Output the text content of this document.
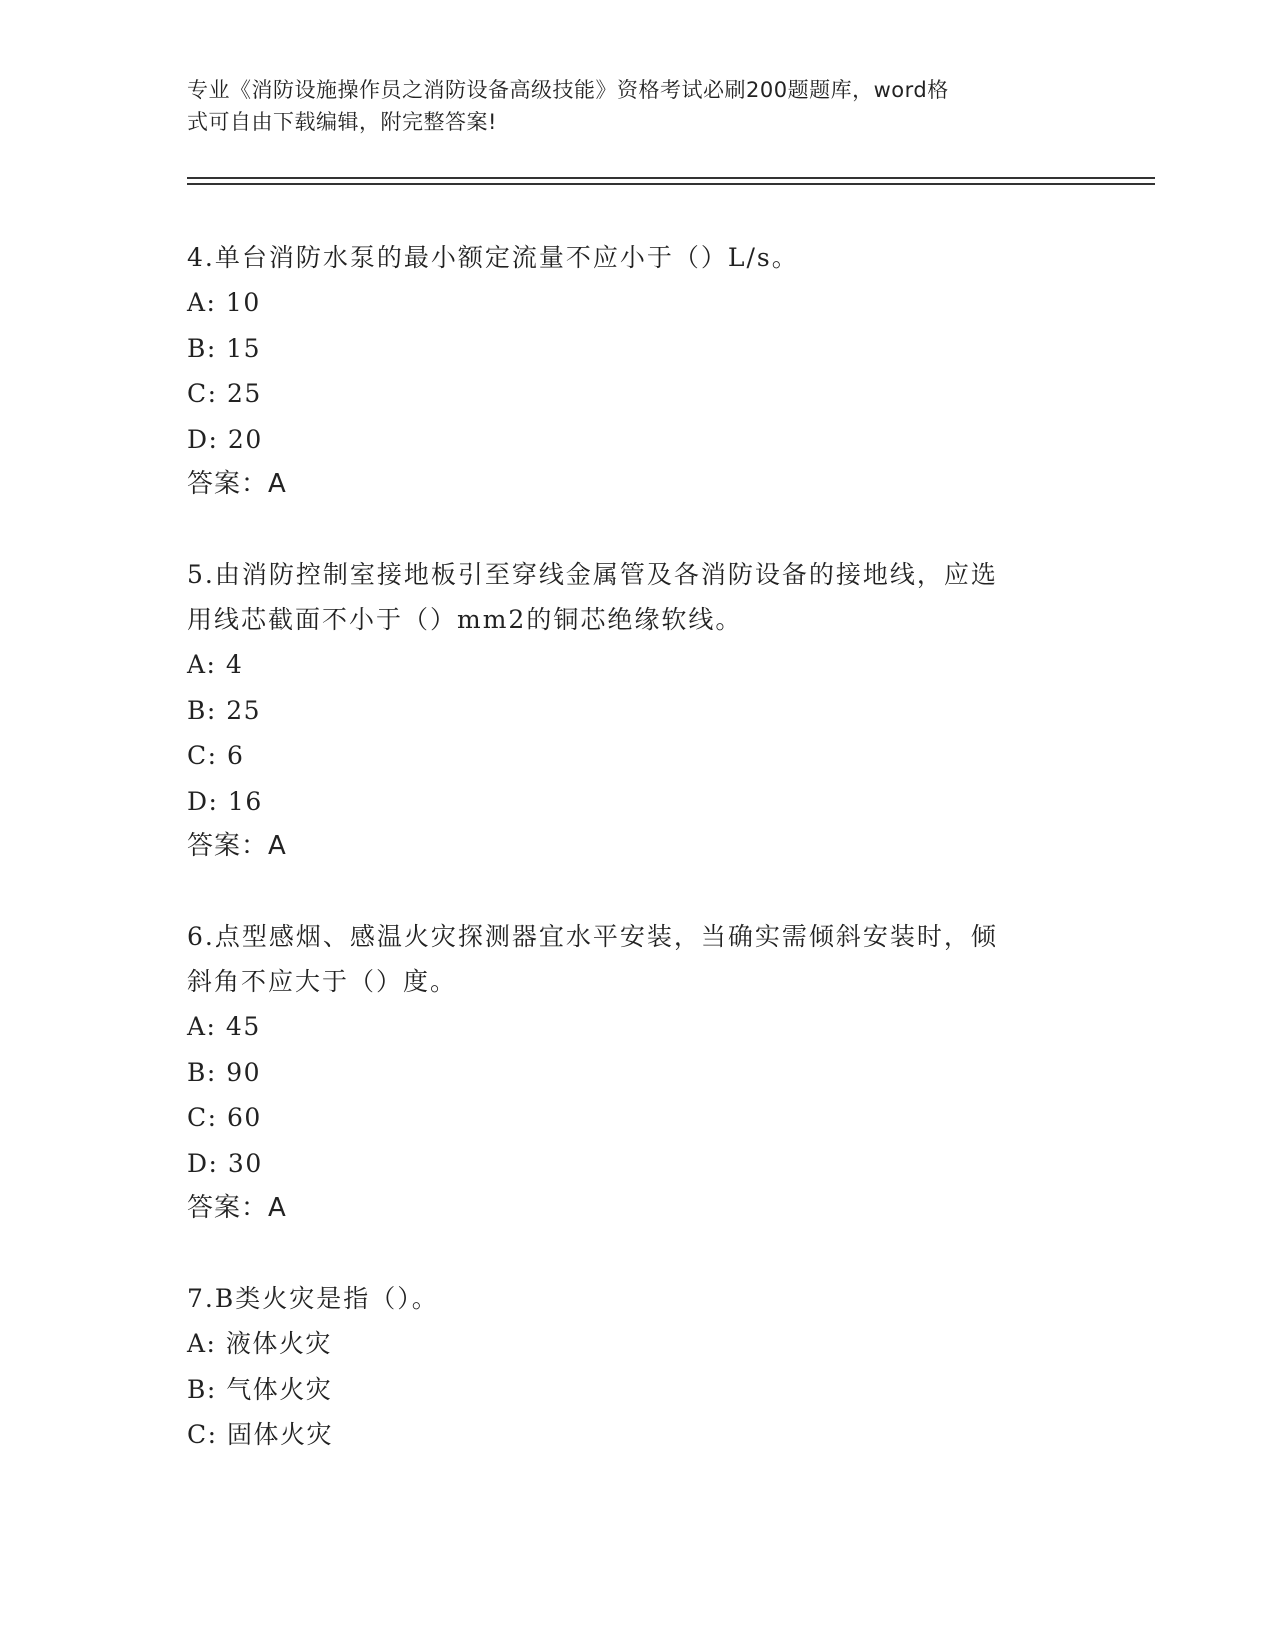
专业《消防设施操作员之消防设备高级技能》资格考试必刷200题题库，word格
式可自由下载编辑，附完整答案!
4.单台消防水泵的最小额定流量不应小于（）L/s。
A: 10
B: 15
C: 25
D: 20
答案：A
5.由消防控制室接地板引至穿线金属管及各消防设备的接地线，应选
用线芯截面不小于（）mm2的铜芯绝缘软线。
A: 4
B: 25
C: 6
D: 16
答案：A
6.点型感烟、感温火灾探测器宜水平安装，当确实需倾斜安装时，倾
斜角不应大于（）度。
A: 45
B: 90
C: 60
D: 30
答案：A
7.B类火灾是指（）。
A: 液体火灾
B: 气体火灾
C: 固体火灾
